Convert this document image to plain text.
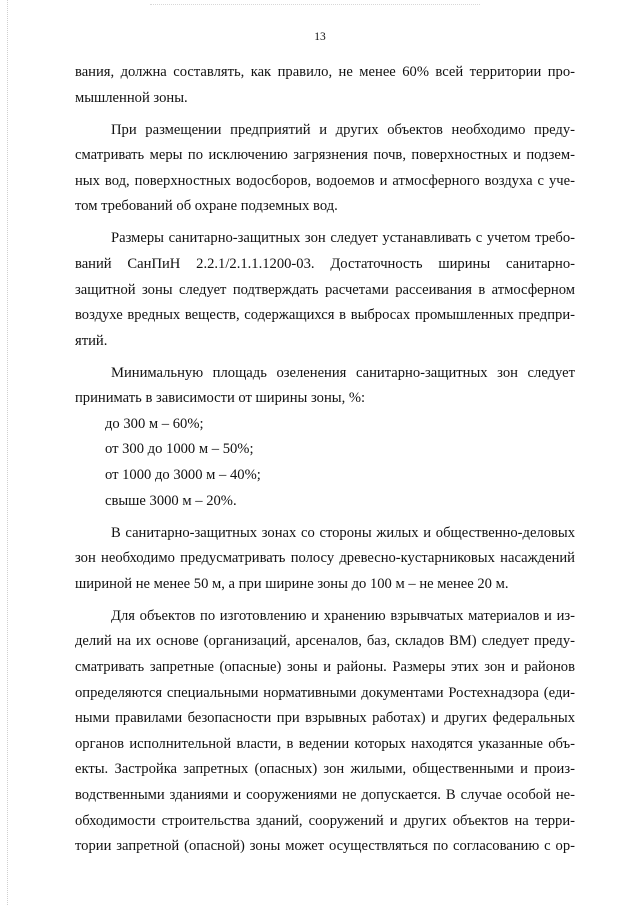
13
вания, должна составлять, как правило, не менее 60% всей территории про-
мышленной зоны.
При размещении предприятий и других объектов необходимо преду-
сматривать меры по исключению загрязнения почв, поверхностных и подзем-
ных вод, поверхностных водосборов, водоемов и атмосферного воздуха с уче-
том требований об охране подземных вод.
Размеры санитарно-защитных зон следует устанавливать с учетом требо-
ваний СанПиН 2.2.1/2.1.1.1200-03. Достаточность ширины санитарно-
защитной зоны следует подтверждать расчетами рассеивания в атмосферном
воздухе вредных веществ, содержащихся в выбросах промышленных предпри-
ятий.
Минимальную площадь озеленения санитарно-защитных зон следует
принимать в зависимости от ширины зоны, %:
до 300 м – 60%;
от 300 до 1000 м – 50%;
от 1000 до 3000 м – 40%;
свыше 3000 м – 20%.
В санитарно-защитных зонах со стороны жилых и общественно-деловых
зон необходимо предусматривать полосу древесно-кустарниковых насаждений
шириной не менее 50 м, а при ширине зоны до 100 м – не менее 20 м.
Для объектов по изготовлению и хранению взрывчатых материалов и из-
делий на их основе (организаций, арсеналов, баз, складов ВМ) следует преду-
сматривать запретные (опасные) зоны и районы. Размеры этих зон и районов
определяются специальными нормативными документами Ростехнадзора (еди-
ными правилами безопасности при взрывных работах) и других федеральных
органов исполнительной власти, в ведении которых находятся указанные объ-
екты. Застройка запретных (опасных) зон жилыми, общественными и произ-
водственными зданиями и сооружениями не допускается. В случае особой не-
обходимости строительства зданий, сооружений и других объектов на терри-
тории запретной (опасной) зоны может осуществляться по согласованию с ор-
